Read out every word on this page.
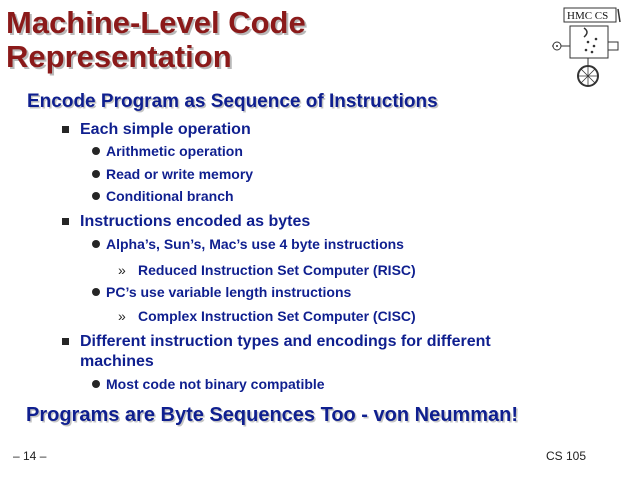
Machine-Level Code
Representation
HMC CS
Encode Program as Sequence of Instructions
Each simple operation
Arithmetic operation
Read or write memory
Conditional branch
Instructions encoded as bytes
Alpha’s, Sun’s, Mac’s use 4 byte instructions
» Reduced Instruction Set Computer (RISC)
PC’s use variable length instructions
» Complex Instruction Set Computer (CISC)
Different instruction types and encodings for different
machines
Most code not binary compatible
Programs are Byte Sequences Too - von Neumman!
– 14 –	CS 105
